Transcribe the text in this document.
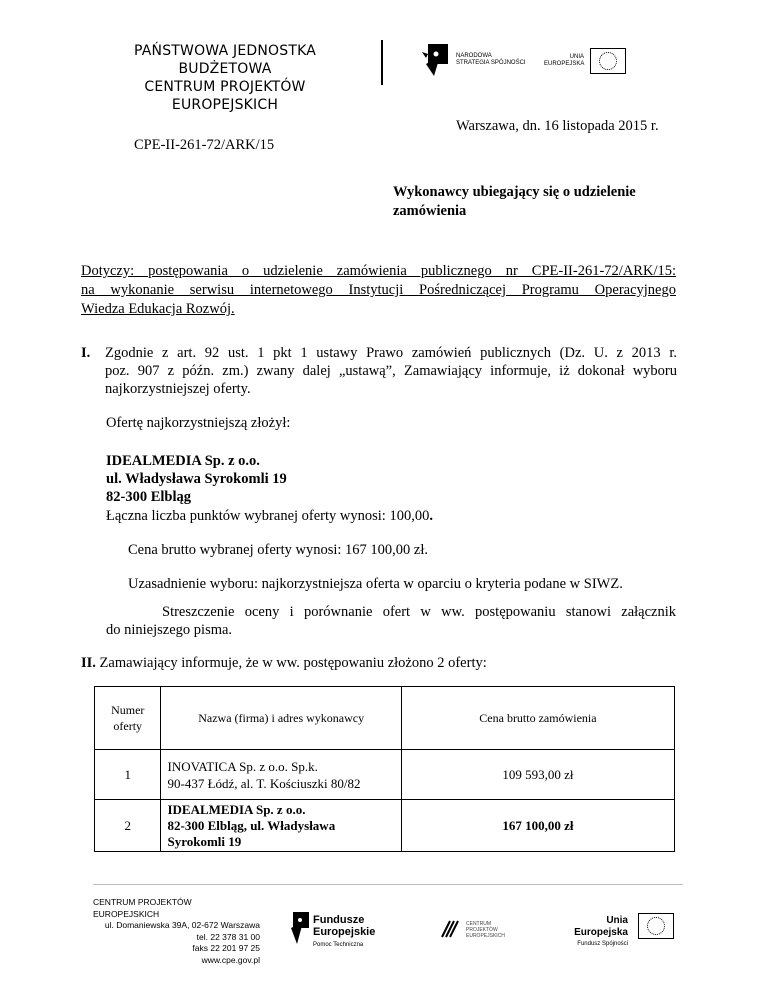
PAŃSTWOWA JEDNOSTKA BUDŻETOWA
CENTRUM PROJEKTÓW EUROPEJSKICH
NARODOWA
STRATEGIA SPÓJNOŚCI
UNIA
EUROPEJSKA
Warszawa, dn. 16 listopada 2015 r.
CPE-II-261-72/ARK/15
Wykonawcy ubiegający się o udzielenie
zamówienia
Dotyczy: postępowania o udzielenie zamówienia publicznego nr CPE-II-261-72/ARK/15:
na wykonanie serwisu internetowego Instytucji Pośredniczącej Programu Operacyjnego
Wiedza Edukacja Rozwój.
I. Zgodnie z art. 92 ust. 1 pkt 1 ustawy Prawo zamówień publicznych (Dz. U. z 2013 r.
poz. 907 z późn. zm.) zwany dalej „ustawą”, Zamawiający informuje, iż dokonał wyboru
najkorzystniejszej oferty.
Ofertę najkorzystniejszą złożył:
IDEALMEDIA Sp. z o.o.
ul. Władysława Syrokomli 19
82-300 Elbląg
Łączna liczba punktów wybranej oferty wynosi: 100,00.
Cena brutto wybranej oferty wynosi: 167 100,00 zł.
Uzasadnienie wyboru: najkorzystniejsza oferta w oparciu o kryteria podane w SIWZ.
Streszczenie oceny i porównanie ofert w ww. postępowaniu stanowi załącznik
do niniejszego pisma.
II. Zamawiający informuje, że w ww. postępowaniu złożono 2 oferty:
Numer
oferty	Nazwa (firma) i adres wykonawcy	Cena brutto zamówienia
1	INOVATICA Sp. z o.o. Sp.k.
90-437 Łódź, al. T. Kościuszki 80/82	109 593,00 zł
2	IDEALMEDIA Sp. z o.o.
82-300 Elbląg, ul. Władysława
Syrokomli 19	167 100,00 zł
CENTRUM PROJEKTÓW EUROPEJSKICH
ul. Domaniewska 39A, 02-672 Warszawa
tel. 22 378 31 00
faks 22 201 97 25
www.cpe.gov.pl
Fundusze
Europejskie
Pomoc Techniczna
CENTRUM PROJEKTÓW
EUROPEJSKICH
Unia Europejska
Fundusz Spójności
